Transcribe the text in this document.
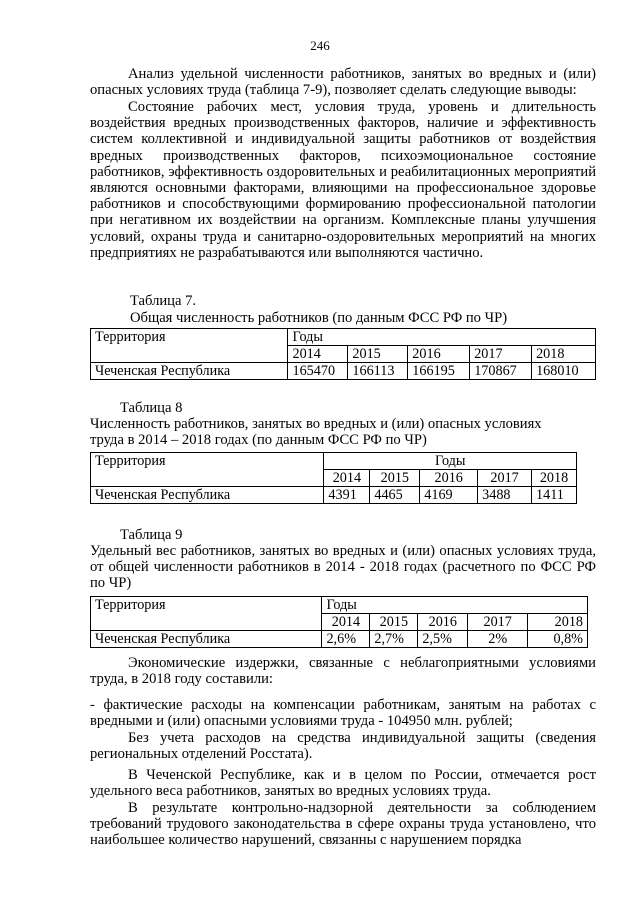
246
Анализ удельной численности работников, занятых во вредных и (или) опасных условиях труда (таблица 7-9), позволяет сделать следующие выводы:
Состояние рабочих мест, условия труда, уровень и длительность воздействия вредных производственных факторов, наличие и эффективность систем коллективной и индивидуальной защиты работников от воздействия вредных производственных факторов, психоэмоциональное состояние работников, эффективность оздоровительных и реабилитационных мероприятий являются основными факторами, влияющими на профессиональное здоровье работников и способствующими формированию профессиональной патологии при негативном их воздействии на организм. Комплексные планы улучшения условий, охраны труда и санитарно-оздоровительных мероприятий на многих предприятиях не разрабатываются или выполняются частично.
Таблица 7.
Общая численность работников (по данным ФСС РФ по ЧР)
Территория	Годы				
	2014	2015	2016	2017	2018
Чеченская Республика	165470	166113	166195	170867	168010
Таблица 8
Численность работников, занятых во вредных и (или) опасных условиях труда в 2014 – 2018 годах (по данным ФСС РФ по ЧР)
Территория	Годы				
	2014	2015	2016	2017	2018
Чеченская Республика	4391	4465	4169	3488	1411
Таблица 9
Удельный вес работников, занятых во вредных и (или) опасных условиях труда, от общей численности работников в 2014 - 2018 годах (расчетного по ФСС РФ по ЧР)
Территория	Годы				
	2014	2015	2016	2017	2018
Чеченская Республика	2,6%	2,7%	2,5%	2%	0,8%
Экономические издержки, связанные с неблагоприятными условиями труда, в 2018 году составили:
- фактические расходы на компенсации работникам, занятым на работах с вредными и (или) опасными условиями труда - 104950 млн. рублей;
Без учета расходов на средства индивидуальной защиты (сведения региональных отделений Росстата).
В Чеченской Республике, как и в целом по России, отмечается рост удельного веса работников, занятых во вредных условиях труда.
В результате контрольно-надзорной деятельности за соблюдением требований трудового законодательства в сфере охраны труда установлено, что наибольшее количество нарушений, связанны с нарушением порядка
